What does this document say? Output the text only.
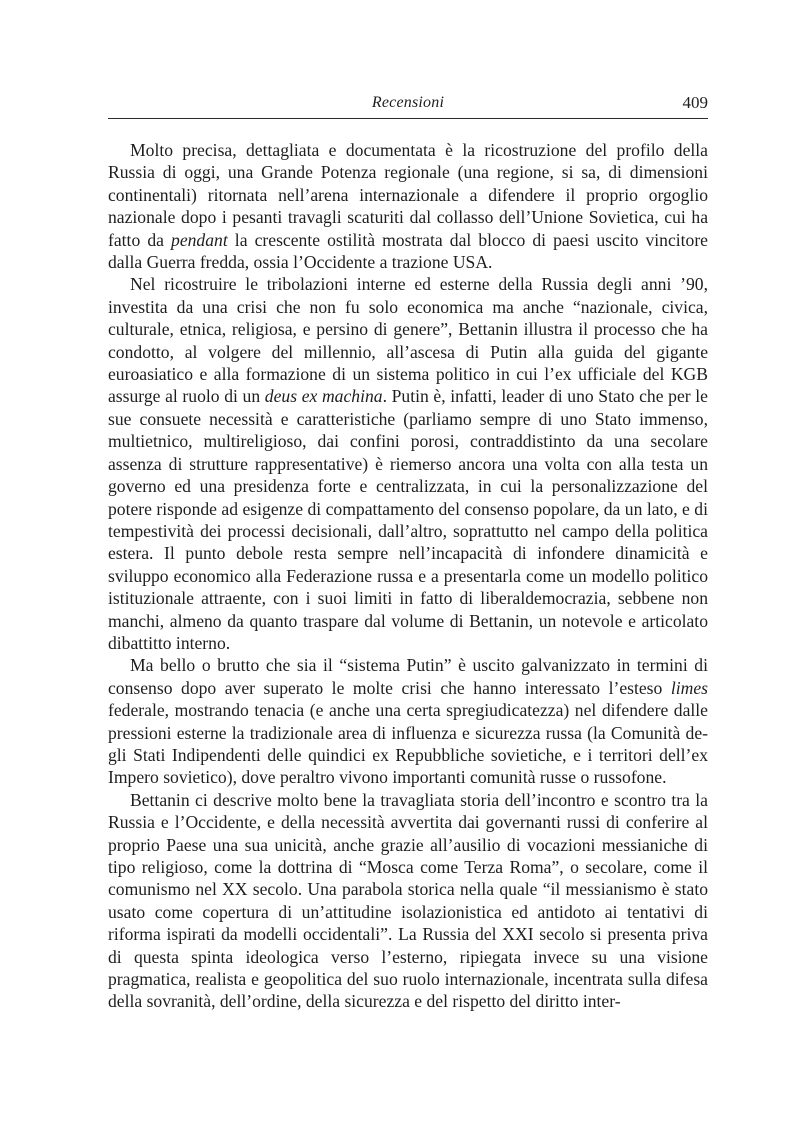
Recensioni	409

Molto precisa, dettagliata e documentata è la ricostruzione del profilo della Russia di oggi, una Grande Potenza regionale (una regione, si sa, di dimensioni continentali) ritornata nell’arena internazionale a difendere il proprio orgoglio nazionale dopo i pesanti travagli scaturiti dal collasso dell’Unione Sovietica, cui ha fatto da pendant la crescente ostilità mostrata dal blocco di paesi uscito vincitore dalla Guerra fredda, ossia l’Occidente a trazione USA.

Nel ricostruire le tribolazioni interne ed esterne della Russia degli anni ’90, investita da una crisi che non fu solo economica ma anche “nazionale, civica, culturale, etnica, religiosa, e persino di genere”, Bettanin illustra il processo che ha condotto, al volgere del millennio, all’ascesa di Putin alla guida del gigante euroasiatico e alla formazione di un sistema politico in cui l’ex ufficiale del KGB assurge al ruolo di un deus ex machina. Putin è, infatti, leader di uno Stato che per le sue consuete necessità e caratteristiche (parliamo sempre di uno Stato immenso, multietnico, multireligioso, dai confini porosi, contraddistinto da una secolare assenza di strutture rappresentative) è riemerso ancora una volta con alla testa un governo ed una presidenza forte e centralizzata, in cui la personalizzazione del potere risponde ad esigenze di compattamento del consenso popolare, da un lato, e di tempestività dei processi decisionali, dall’altro, soprattutto nel campo della politica estera. Il punto debole resta sempre nell’incapacità di infondere dinamicità e sviluppo economico alla Federazione russa e a presentarla come un modello politico istituzionale attraente, con i suoi limiti in fatto di liberaldemocrazia, sebbene non manchi, almeno da quanto traspare dal volume di Bettanin, un notevole e articolato dibattitto interno.

Ma bello o brutto che sia il “sistema Putin” è uscito galvanizzato in termini di consenso dopo aver superato le molte crisi che hanno interessato l’esteso limes federale, mostrando tenacia (e anche una certa spregiudicatezza) nel difendere dalle pressioni esterne la tradizionale area di influenza e sicurezza russa (la Comunità degli Stati Indipendenti delle quindici ex Repubbliche sovietiche, e i territori dell’ex Impero sovietico), dove peraltro vivono importanti comunità russe o russofone.

Bettanin ci descrive molto bene la travagliata storia dell’incontro e scontro tra la Russia e l’Occidente, e della necessità avvertita dai governanti russi di conferire al proprio Paese una sua unicità, anche grazie all’ausilio di vocazioni messianiche di tipo religioso, come la dottrina di “Mosca come Terza Roma”, o secolare, come il comunismo nel XX secolo. Una parabola storica nella quale “il messianismo è stato usato come copertura di un’attitudine isolazionistica ed antidoto ai tentativi di riforma ispirati da modelli occidentali”. La Russia del XXI secolo si presenta priva di questa spinta ideologica verso l’esterno, ripiegata invece su una visione pragmatica, realista e geopolitica del suo ruolo internazionale, incentrata sulla difesa della sovranità, dell’ordine, della sicurezza e del rispetto del diritto inter-
